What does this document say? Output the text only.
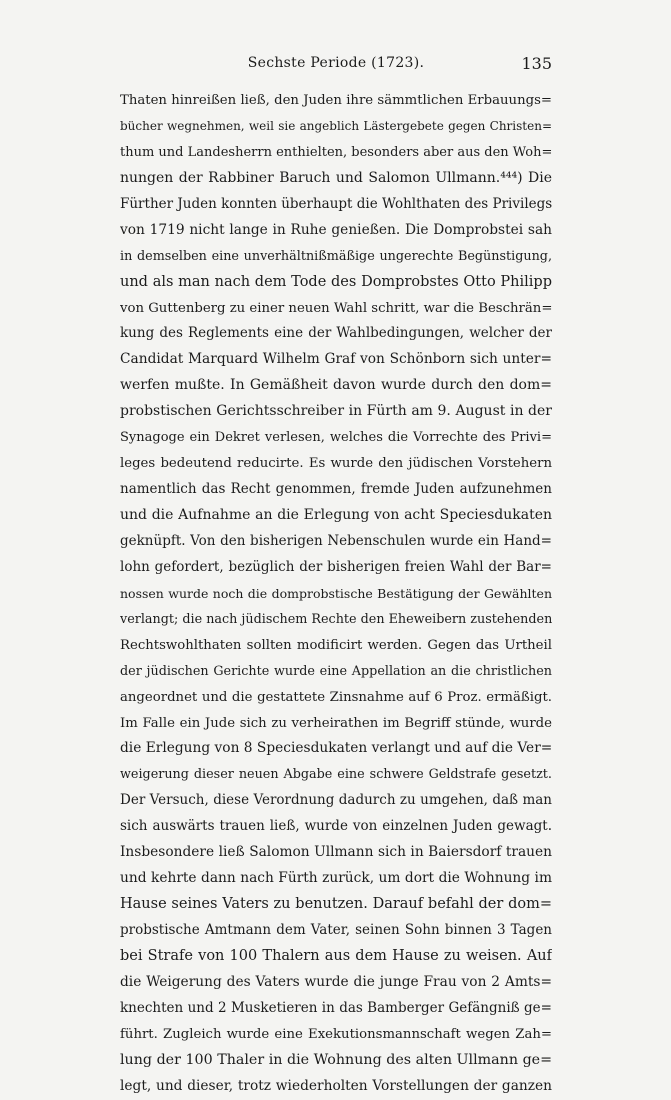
Sechste Periode (1723).	135
Thaten hinreißen ließ, den Juden ihre sämmtlichen Erbauungs=
bücher wegnehmen, weil sie angeblich Lästergebete gegen Christen=
thum und Landesherrn enthielten, besonders aber aus den Woh=
nungen der Rabbiner Baruch und Salomon Ullmann.⁴⁴⁴) Die
Fürther Juden konnten überhaupt die Wohlthaten des Privilegs
von 1719 nicht lange in Ruhe genießen. Die Domprobstei sah
in demselben eine unverhältnißmäßige ungerechte Begünstigung,
und als man nach dem Tode des Domprobstes Otto Philipp
von Guttenberg zu einer neuen Wahl schritt, war die Beschrän=
kung des Reglements eine der Wahlbedingungen, welcher der
Candidat Marquard Wilhelm Graf von Schönborn sich unter=
werfen mußte. In Gemäßheit davon wurde durch den dom=
probstischen Gerichtsschreiber in Fürth am 9. August in der
Synagoge ein Dekret verlesen, welches die Vorrechte des Privi=
leges bedeutend reducirte. Es wurde den jüdischen Vorstehern
namentlich das Recht genommen, fremde Juden aufzunehmen
und die Aufnahme an die Erlegung von acht Speciesdukaten
geknüpft. Von den bisherigen Nebenschulen wurde ein Hand=
lohn gefordert, bezüglich der bisherigen freien Wahl der Bar=
nossen wurde noch die domprobstische Bestätigung der Gewählten
verlangt; die nach jüdischem Rechte den Eheweibern zustehenden
Rechtswohlthaten sollten modificirt werden. Gegen das Urtheil
der jüdischen Gerichte wurde eine Appellation an die christlichen
angeordnet und die gestattete Zinsnahme auf 6 Proz. ermäßigt.
Im Falle ein Jude sich zu verheirathen im Begriff stünde, wurde
die Erlegung von 8 Speciesdukaten verlangt und auf die Ver=
weigerung dieser neuen Abgabe eine schwere Geldstrafe gesetzt.
Der Versuch, diese Verordnung dadurch zu umgehen, daß man
sich auswärts trauen ließ, wurde von einzelnen Juden gewagt.
Insbesondere ließ Salomon Ullmann sich in Baiersdorf trauen
und kehrte dann nach Fürth zurück, um dort die Wohnung im
Hause seines Vaters zu benutzen. Darauf befahl der dom=
probstische Amtmann dem Vater, seinen Sohn binnen 3 Tagen
bei Strafe von 100 Thalern aus dem Hause zu weisen. Auf
die Weigerung des Vaters wurde die junge Frau von 2 Amts=
knechten und 2 Musketieren in das Bamberger Gefängniß ge=
führt. Zugleich wurde eine Exekutionsmannschaft wegen Zah=
lung der 100 Thaler in die Wohnung des alten Ullmann ge=
legt, und dieser, trotz wiederholten Vorstellungen der ganzen
